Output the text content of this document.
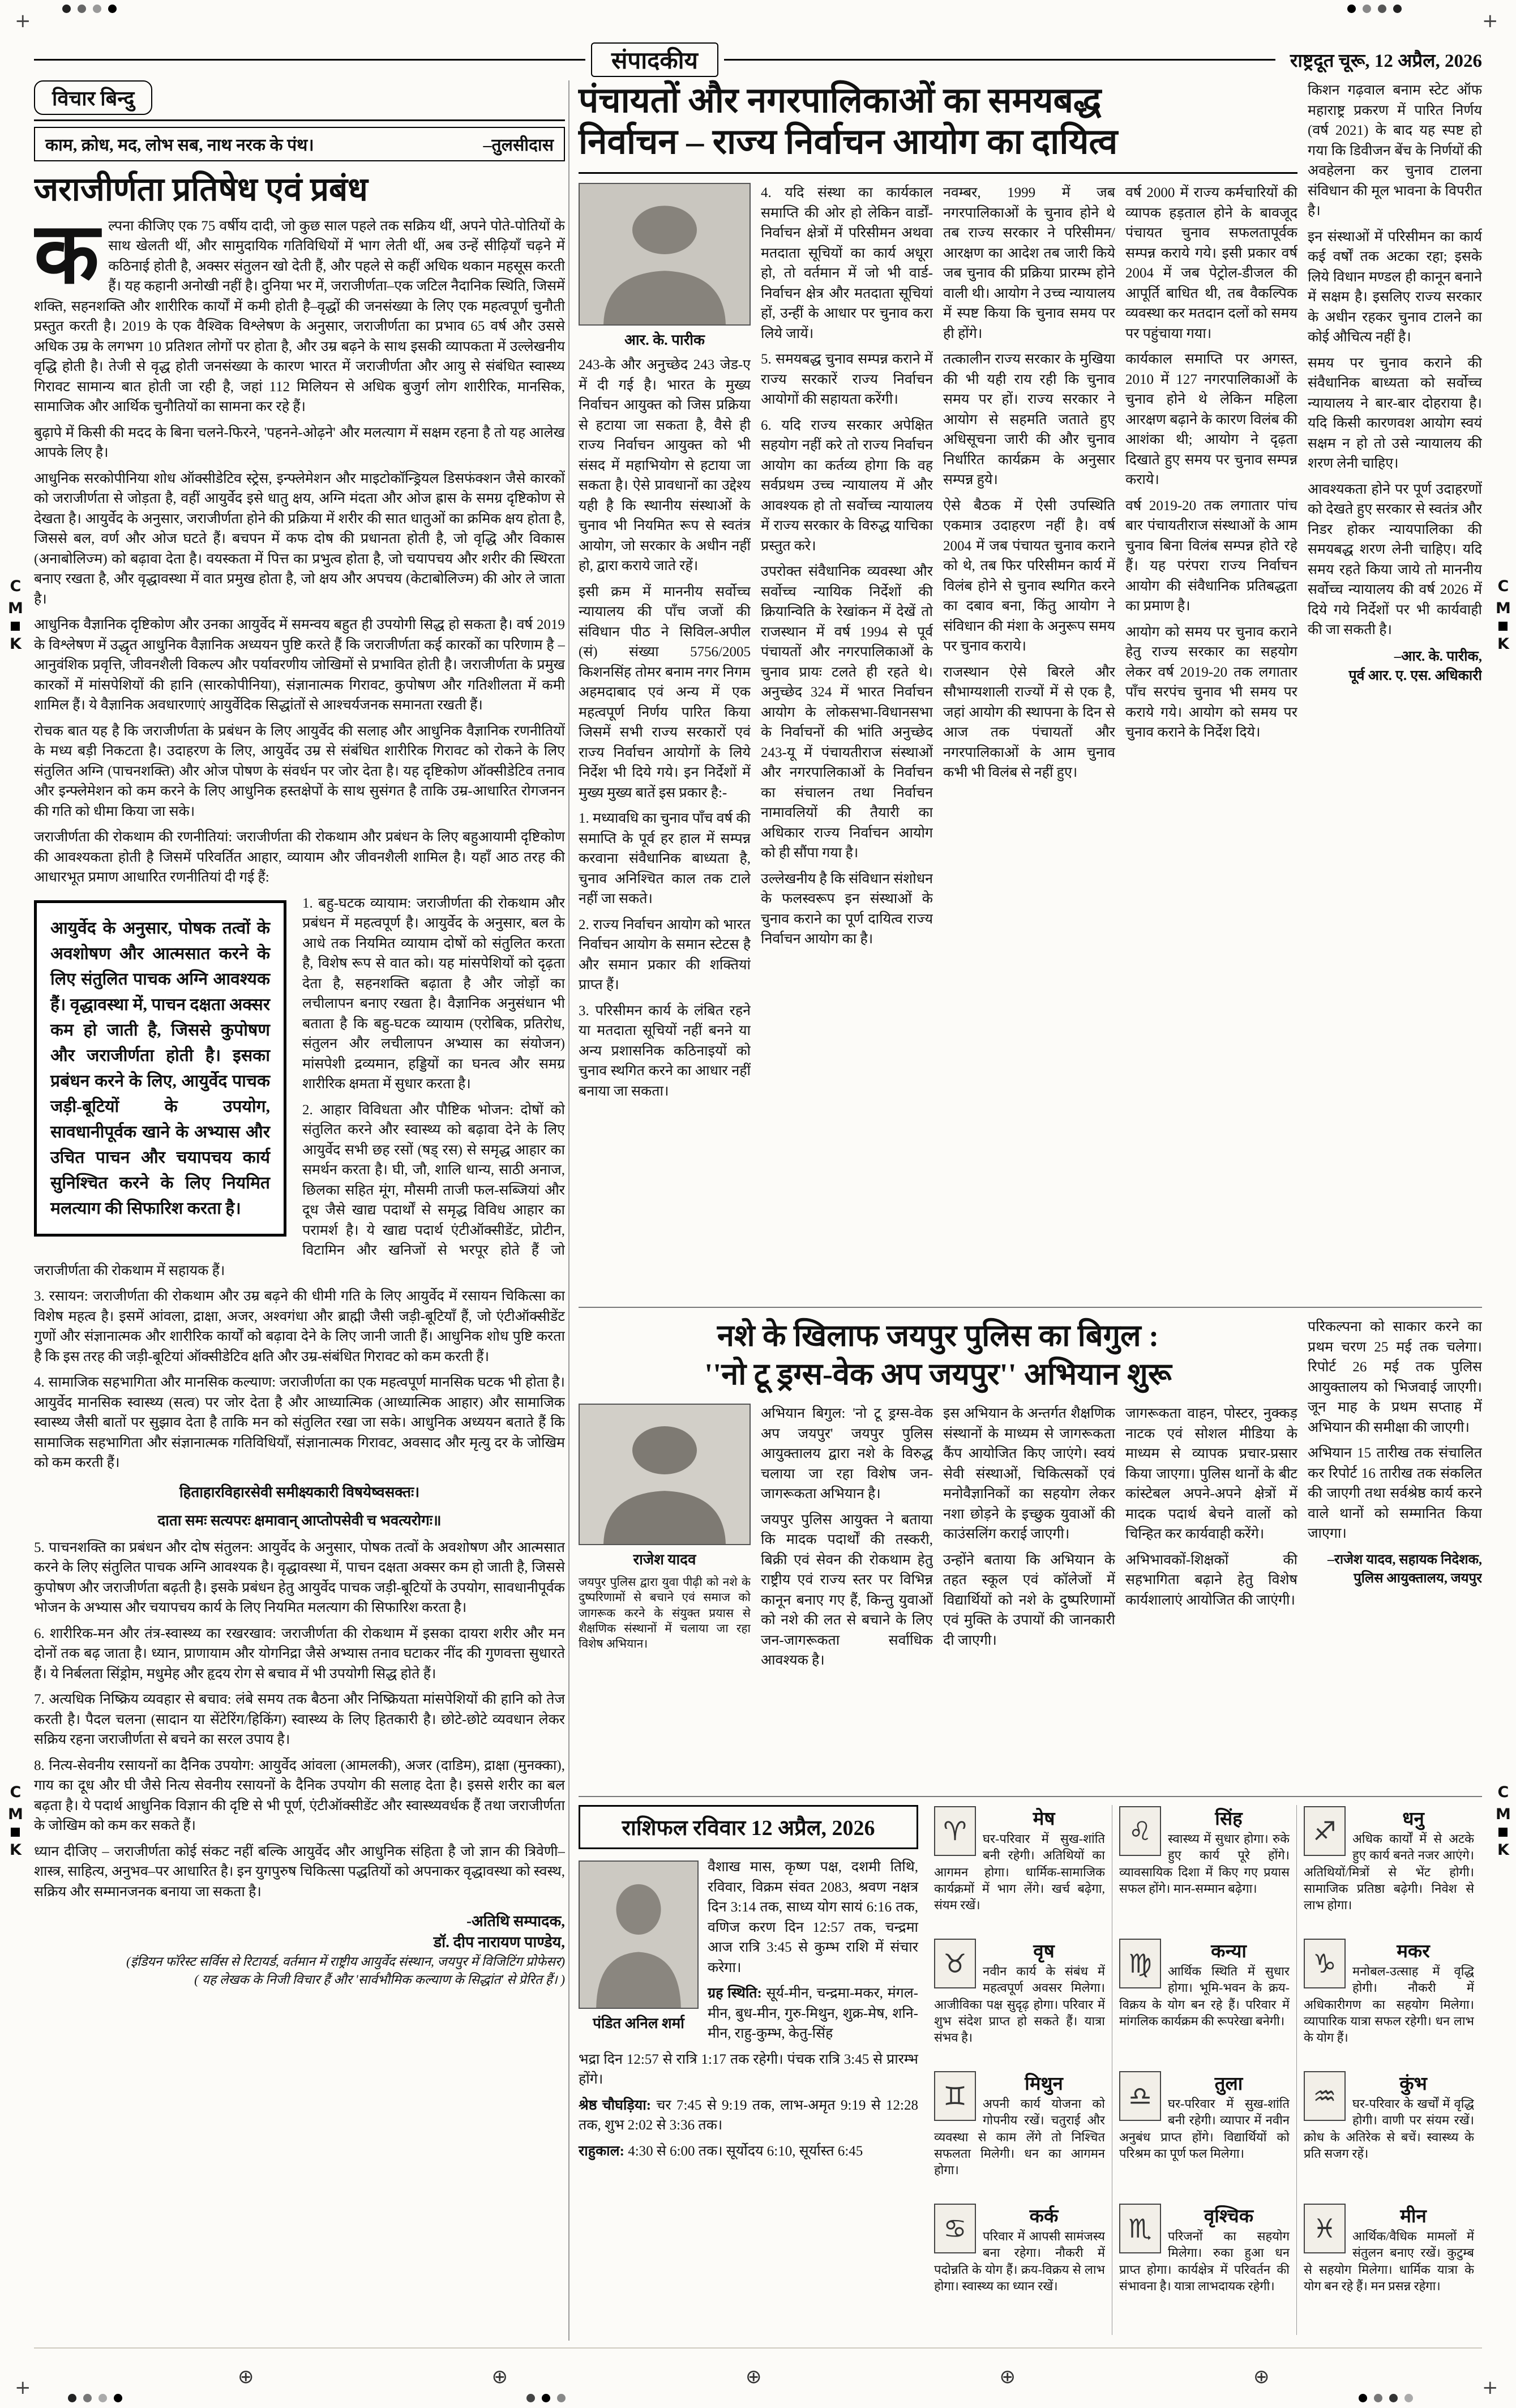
+	+
+	+
⊕	⊕	⊕	⊕	⊕
C
M
K
C
M
K
C
M
K
C
M
K
संपादकीय	राष्ट्रदूत चूरू, 12 अप्रैल, 2026
विचार बिन्दु
काम, क्रोध, मद, लोभ सब, नाथ नरक के पंथ।	–तुलसीदास
जराजीर्णता प्रतिषेध एवं प्रबंध

कल्पना कीजिए एक 75 वर्षीय दादी, जो कुछ साल पहले तक सक्रिय थीं, अपने पोते-पोतियों के साथ खेलती थीं, और सामुदायिक गतिविधियों में भाग लेती थीं, अब उन्हें सीढ़ियाँ चढ़ने में कठिनाई होती है, अक्सर संतुलन खो देती हैं, और पहले से कहीं अधिक थकान महसूस करती हैं। यह कहानी अनोखी नहीं है। दुनिया भर में, जराजीर्णता–एक जटिल नैदानिक स्थिति, जिसमें शक्ति, सहनशक्ति और शारीरिक कार्यों में कमी होती है–वृद्धों की जनसंख्या के लिए एक महत्वपूर्ण चुनौती प्रस्तुत करती है। 2019 के एक वैश्विक विश्लेषण के अनुसार, जराजीर्णता का प्रभाव 65 वर्ष और उससे अधिक उम्र के लगभग 10 प्रतिशत लोगों पर होता है, और उम्र बढ़ने के साथ इसकी व्यापकता में उल्लेखनीय वृद्धि होती है। तेजी से वृद्ध होती जनसंख्या के कारण भारत में जराजीर्णता और आयु से संबंधित स्वास्थ्य गिरावट सामान्य बात होती जा रही है, जहां 112 मिलियन से अधिक बुजुर्ग लोग शारीरिक, मानसिक, सामाजिक और आर्थिक चुनौतियों का सामना कर रहे हैं।

बुढ़ापे में किसी की मदद के बिना चलने-फिरने, 'पहनने-ओढ़ने' और मलत्याग में सक्षम रहना है तो यह आलेख आपके लिए है।

आधुनिक सरकोपीनिया शोध ऑक्सीडेटिव स्ट्रेस, इन्फ्लेमेशन और माइटोकॉन्ड्रियल डिसफंक्शन जैसे कारकों को जराजीर्णता से जोड़ता है, वहीं आयुर्वेद इसे धातु क्षय, अग्नि मंदता और ओज ह्रास के समग्र दृष्टिकोण से देखता है। आयुर्वेद के अनुसार, जराजीर्णता होने की प्रक्रिया में शरीर की सात धातुओं का क्रमिक क्षय होता है, जिससे बल, वर्ण और ओज घटते हैं। बचपन में कफ दोष की प्रधानता होती है, जो वृद्धि और विकास (अनाबोलिज्म) को बढ़ावा देता है। वयस्कता में पित्त का प्रभुत्व होता है, जो चयापचय और शरीर की स्थिरता बनाए रखता है, और वृद्धावस्था में वात प्रमुख होता है, जो क्षय और अपचय (केटाबोलिज्म) की ओर ले जाता है।

आधुनिक वैज्ञानिक दृष्टिकोण और उनका आयुर्वेद में समन्वय बहुत ही उपयोगी सिद्ध हो सकता है। वर्ष 2019 के विश्लेषण में उद्धृत आधुनिक वैज्ञानिक अध्ययन पुष्टि करते हैं कि जराजीर्णता कई कारकों का परिणाम है – आनुवंशिक प्रवृत्ति, जीवनशैली विकल्प और पर्यावरणीय जोखिमों से प्रभावित होती है। जराजीर्णता के प्रमुख कारकों में मांसपेशियों की हानि (सारकोपीनिया), संज्ञानात्मक गिरावट, कुपोषण और गतिशीलता में कमी शामिल हैं। ये वैज्ञानिक अवधारणाएं आयुर्वेदिक सिद्धांतों से आश्चर्यजनक समानता रखती हैं।

रोचक बात यह है कि जराजीर्णता के प्रबंधन के लिए आयुर्वेद की सलाह और आधुनिक वैज्ञानिक रणनीतियों के मध्य बड़ी निकटता है। उदाहरण के लिए, आयुर्वेद उम्र से संबंधित शारीरिक गिरावट को रोकने के लिए संतुलित अग्नि (पाचनशक्ति) और ओज पोषण के संवर्धन पर जोर देता है। यह दृष्टिकोण ऑक्सीडेटिव तनाव और इन्फ्लेमेशन को कम करने के लिए आधुनिक हस्तक्षेपों के साथ सुसंगत है ताकि उम्र-आधारित रोगजनन की गति को धीमा किया जा सके।

जराजीर्णता की रोकथाम की रणनीतियां: जराजीर्णता की रोकथाम और प्रबंधन के लिए बहुआयामी दृष्टिकोण की आवश्यकता होती है जिसमें परिवर्तित आहार, व्यायाम और जीवनशैली शामिल है। यहाँ आठ तरह की आधारभूत प्रमाण आधारित रणनीतियां दी गई हैं:

आयुर्वेद के अनुसार, पोषक तत्वों के अवशोषण और आत्मसात करने के लिए संतुलित पाचक अग्नि आवश्यक हैं। वृद्धावस्था में, पाचन दक्षता अक्सर कम हो जाती है, जिससे कुपोषण और जराजीर्णता होती है। इसका प्रबंधन करने के लिए, आयुर्वेद पाचक जड़ी-बूटियों के उपयोग, सावधानीपूर्वक खाने के अभ्यास और उचित पाचन और चयापचय कार्य सुनिश्चित करने के लिए नियमित मलत्याग की सिफारिश करता है।

1. बहु-घटक व्यायाम: जराजीर्णता की रोकथाम और प्रबंधन में महत्वपूर्ण है। आयुर्वेद के अनुसार, बल के आधे तक नियमित व्यायाम दोषों को संतुलित करता है, विशेष रूप से वात को। यह मांसपेशियों को दृढ़ता देता है, सहनशक्ति बढ़ाता है और जोड़ों का लचीलापन बनाए रखता है। वैज्ञानिक अनुसंधान भी बताता है कि बहु-घटक व्यायाम (एरोबिक, प्रतिरोध, संतुलन और लचीलापन अभ्यास का संयोजन) मांसपेशी द्रव्यमान, हड्डियों का घनत्व और समग्र शारीरिक क्षमता में सुधार करता है।

2. आहार विविधता और पौष्टिक भोजन: दोषों को संतुलित करने और स्वास्थ्य को बढ़ावा देने के लिए आयुर्वेद सभी छह रसों (षड् रस) से समृद्ध आहार का समर्थन करता है। घी, जौ, शालि धान्य, साठी अनाज, छिलका सहित मूंग, मौसमी ताजी फल-सब्जियां और दूध जैसे खाद्य पदार्थों से समृद्ध विविध आहार का परामर्श है। ये खाद्य पदार्थ एंटीऑक्सीडेंट, प्रोटीन, विटामिन और खनिजों से भरपूर होते हैं जो जराजीर्णता की रोकथाम में सहायक हैं।

3. रसायन: जराजीर्णता की रोकथाम और उम्र बढ़ने की धीमी गति के लिए आयुर्वेद में रसायन चिकित्सा का विशेष महत्व है। इसमें आंवला, द्राक्षा, अजर, अश्वगंधा और ब्राह्मी जैसी जड़ी-बूटियाँ हैं, जो एंटीऑक्सीडेंट गुणों और संज्ञानात्मक और शारीरिक कार्यों को बढ़ावा देने के लिए जानी जाती हैं। आधुनिक शोध पुष्टि करता है कि इस तरह की जड़ी-बूटियां ऑक्सीडेटिव क्षति और उम्र-संबंधित गिरावट को कम करती हैं।

4. सामाजिक सहभागिता और मानसिक कल्याण: जराजीर्णता का एक महत्वपूर्ण मानसिक घटक भी होता है। आयुर्वेद मानसिक स्वास्थ्य (सत्व) पर जोर देता है और आध्यात्मिक (आध्यात्मिक आहार) और सामाजिक स्वास्थ्य जैसी बातों पर सुझाव देता है ताकि मन को संतुलित रखा जा सके। आधुनिक अध्ययन बताते हैं कि सामाजिक सहभागिता और संज्ञानात्मक गतिविधियाँ, संज्ञानात्मक गिरावट, अवसाद और मृत्यु दर के जोखिम को कम करती हैं।

हिताहारविहारसेवी समीक्ष्यकारी विषयेष्वसक्तः।

दाता समः सत्यपरः क्षमावान् आप्तोपसेवी च भवत्यरोगः॥

5. पाचनशक्ति का प्रबंधन और दोष संतुलन: आयुर्वेद के अनुसार, पोषक तत्वों के अवशोषण और आत्मसात करने के लिए संतुलित पाचक अग्नि आवश्यक है। वृद्धावस्था में, पाचन दक्षता अक्सर कम हो जाती है, जिससे कुपोषण और जराजीर्णता बढ़ती है। इसके प्रबंधन हेतु आयुर्वेद पाचक जड़ी-बूटियों के उपयोग, सावधानीपूर्वक भोजन के अभ्यास और चयापचय कार्य के लिए नियमित मलत्याग की सिफारिश करता है।

6. शारीरिक-मन और तंत्र-स्वास्थ्य का रखरखाव: जराजीर्णता की रोकथाम में इसका दायरा शरीर और मन दोनों तक बढ़ जाता है। ध्यान, प्राणायाम और योगनिद्रा जैसे अभ्यास तनाव घटाकर नींद की गुणवत्ता सुधारते हैं। ये निर्बलता सिंड्रोम, मधुमेह और हृदय रोग से बचाव में भी उपयोगी सिद्ध होते हैं।

7. अत्यधिक निष्क्रिय व्यवहार से बचाव: लंबे समय तक बैठना और निष्क्रियता मांसपेशियों की हानि को तेज करती है। पैदल चलना (सादान या सेंटेरिंग/हिकिंग) स्वास्थ्य के लिए हितकारी है। छोटे-छोटे व्यवधान लेकर सक्रिय रहना जराजीर्णता से बचने का सरल उपाय है।

8. नित्य-सेवनीय रसायनों का दैनिक उपयोग: आयुर्वेद आंवला (आमलकी), अजर (दाडिम), द्राक्षा (मुनक्का), गाय का दूध और घी जैसे नित्य सेवनीय रसायनों के दैनिक उपयोग की सलाह देता है। इससे शरीर का बल बढ़ता है। ये पदार्थ आधुनिक विज्ञान की दृष्टि से भी पूर्ण, एंटीऑक्सीडेंट और स्वास्थ्यवर्धक हैं तथा जराजीर्णता के जोखिम को कम कर सकते हैं।

ध्यान दीजिए – जराजीर्णता कोई संकट नहीं बल्कि आयुर्वेद और आधुनिक संहिता है जो ज्ञान की त्रिवेणी–शास्त्र, साहित्य, अनुभव–पर आधारित है। इन युगपुरुष चिकित्सा पद्धतियों को अपनाकर वृद्धावस्था को स्वस्थ, सक्रिय और सम्मानजनक बनाया जा सकता है।

-अतिथि सम्पादक,
डॉ. दीप नारायण पाण्डेय,
(इंडियन फॉरेस्ट सर्विस से रिटायर्ड, वर्तमान में राष्ट्रीय आयुर्वेद संस्थान, जयपुर में विजिटिंग प्रोफेसर)
( यह लेखक के निजी विचार हैं और 'सार्वभौमिक कल्याण के सिद्धांत' से प्रेरित हैं। )
पंचायतों और नगरपालिकाओं का समयबद्ध
निर्वाचन – राज्य निर्वाचन आयोग का दायित्व
आर. के. पारीक

243-के और अनुच्छेद 243 जेड-ए में दी गई है। भारत के मुख्य निर्वाचन आयुक्त को जिस प्रक्रिया से हटाया जा सकता है, वैसे ही राज्य निर्वाचन आयुक्त को भी संसद में महाभियोग से हटाया जा सकता है। ऐसे प्रावधानों का उद्देश्य यही है कि स्थानीय संस्थाओं के चुनाव भी नियमित रूप से स्वतंत्र आयोग, जो सरकार के अधीन नहीं हो, द्वारा कराये जाते रहें।

इसी क्रम में माननीय सर्वोच्च न्यायालय की पाँच जजों की संविधान पीठ ने सिविल-अपील (सं) संख्या 5756/2005 किशनसिंह तोमर बनाम नगर निगम अहमदाबाद एवं अन्य में एक महत्वपूर्ण निर्णय पारित किया जिसमें सभी राज्य सरकारों एवं राज्य निर्वाचन आयोगों के लिये निर्देश भी दिये गये। इन निर्देशों में मुख्य मुख्य बातें इस प्रकार है:-

1. मध्यावधि का चुनाव पाँच वर्ष की समाप्ति के पूर्व हर हाल में सम्पन्न करवाना संवैधानिक बाध्यता है, चुनाव अनिश्चित काल तक टाले नहीं जा सकते।

2. राज्य निर्वाचन आयोग को भारत निर्वाचन आयोग के समान स्टेटस है और समान प्रकार की शक्तियां प्राप्त हैं।

3. परिसीमन कार्य के लंबित रहने या मतदाता सूचियों नहीं बनने या अन्य प्रशासनिक कठिनाइयों को चुनाव स्थगित करने का आधार नहीं बनाया जा सकता।

4. यदि संस्था का कार्यकाल समाप्ति की ओर हो लेकिन वार्डों-निर्वाचन क्षेत्रों में परिसीमन अथवा मतदाता सूचियों का कार्य अधूरा हो, तो वर्तमान में जो भी वार्ड-निर्वाचन क्षेत्र और मतदाता सूचियां हों, उन्हीं के आधार पर चुनाव करा लिये जायें।

5. समयबद्ध चुनाव सम्पन्न कराने में राज्य सरकारें राज्य निर्वाचन आयोगों की सहायता करेंगी।

6. यदि राज्य सरकार अपेक्षित सहयोग नहीं करे तो राज्य निर्वाचन आयोग का कर्तव्य होगा कि वह सर्वप्रथम उच्च न्यायालय में और आवश्यक हो तो सर्वोच्च न्यायालय में राज्य सरकार के विरुद्ध याचिका प्रस्तुत करे।

उपरोक्त संवैधानिक व्यवस्था और सर्वोच्च न्यायिक निर्देशों की क्रियान्विति के रेखांकन में देखें तो राजस्थान में वर्ष 1994 से पूर्व पंचायतों और नगरपालिकाओं के चुनाव प्रायः टलते ही रहते थे। अनुच्छेद 324 में भारत निर्वाचन आयोग के लोकसभा-विधानसभा के निर्वाचनों की भांति अनुच्छेद 243-यू में पंचायतीराज संस्थाओं और नगरपालिकाओं के निर्वाचन का संचालन तथा निर्वाचन नामावलियों की तैयारी का अधिकार राज्य निर्वाचन आयोग को ही सौंपा गया है।

उल्लेखनीय है कि संविधान संशोधन के फलस्वरूप इन संस्थाओं के चुनाव कराने का पूर्ण दायित्व राज्य निर्वाचन आयोग का है।

नवम्बर, 1999 में जब नगरपालिकाओं के चुनाव होने थे तब राज्य सरकार ने परिसीमन/आरक्षण का आदेश तब जारी किये जब चुनाव की प्रक्रिया प्रारम्भ होने वाली थी। आयोग ने उच्च न्यायालय में स्पष्ट किया कि चुनाव समय पर ही होंगे।

तत्कालीन राज्य सरकार के मुखिया की भी यही राय रही कि चुनाव समय पर हों। राज्य सरकार ने आयोग से सहमति जताते हुए अधिसूचना जारी की और चुनाव निर्धारित कार्यक्रम के अनुसार सम्पन्न हुये।

ऐसे बैठक में ऐसी उपस्थिति एकमात्र उदाहरण नहीं है। वर्ष 2004 में जब पंचायत चुनाव कराने को थे, तब फिर परिसीमन कार्य में विलंब होने से चुनाव स्थगित करने का दबाव बना, किंतु आयोग ने संविधान की मंशा के अनुरूप समय पर चुनाव कराये।

राजस्थान ऐसे बिरले और सौभाग्यशाली राज्यों में से एक है, जहां आयोग की स्थापना के दिन से आज तक पंचायतों और नगरपालिकाओं के आम चुनाव कभी भी विलंब से नहीं हुए।

वर्ष 2000 में राज्य कर्मचारियों की व्यापक हड़ताल होने के बावजूद पंचायत चुनाव सफलतापूर्वक सम्पन्न कराये गये। इसी प्रकार वर्ष 2004 में जब पेट्रोल-डीजल की आपूर्ति बाधित थी, तब वैकल्पिक व्यवस्था कर मतदान दलों को समय पर पहुंचाया गया।

कार्यकाल समाप्ति पर अगस्त, 2010 में 127 नगरपालिकाओं के चुनाव होने थे लेकिन महिला आरक्षण बढ़ाने के कारण विलंब की आशंका थी; आयोग ने दृढ़ता दिखाते हुए समय पर चुनाव सम्पन्न कराये।

वर्ष 2019-20 तक लगातार पांच बार पंचायतीराज संस्थाओं के आम चुनाव बिना विलंब सम्पन्न होते रहे हैं। यह परंपरा राज्य निर्वाचन आयोग की संवैधानिक प्रतिबद्धता का प्रमाण है।

आयोग को समय पर चुनाव कराने हेतु राज्य सरकार का सहयोग लेकर वर्ष 2019-20 तक लगातार पाँच सरपंच चुनाव भी समय पर कराये गये। आयोग को समय पर चुनाव कराने के निर्देश दिये।

किशन गढ़वाल बनाम स्टेट ऑफ महाराष्ट्र प्रकरण में पारित निर्णय (वर्ष 2021) के बाद यह स्पष्ट हो गया कि डिवीजन बेंच के निर्णयों की अवहेलना कर चुनाव टालना संविधान की मूल भावना के विपरीत है।

इन संस्थाओं में परिसीमन का कार्य कई वर्षों तक अटका रहा; इसके लिये विधान मण्डल ही कानून बनाने में सक्षम है। इसलिए राज्य सरकार के अधीन रहकर चुनाव टालने का कोई औचित्य नहीं है।

समय पर चुनाव कराने की संवैधानिक बाध्यता को सर्वोच्च न्यायालय ने बार-बार दोहराया है। यदि किसी कारणवश आयोग स्वयं सक्षम न हो तो उसे न्यायालय की शरण लेनी चाहिए।

आवश्यकता होने पर पूर्ण उदाहरणों को देखते हुए सरकार से स्वतंत्र और निडर होकर न्यायपालिका की समयबद्ध शरण लेनी चाहिए। यदि समय रहते किया जाये तो माननीय सर्वोच्च न्यायालय की वर्ष 2026 में दिये गये निर्देशों पर भी कार्यवाही की जा सकती है।

–आर. के. पारीक,
पूर्व आर. ए. एस. अधिकारी
नशे के खिलाफ जयपुर पुलिस का बिगुल :
''नो टू ड्रग्स-वेक अप जयपुर'' अभियान शुरू
राजेश यादव

जयपुर पुलिस द्वारा युवा पीढ़ी को नशे के दुष्परिणामों से बचाने एवं समाज को जागरूक करने के संयुक्त प्रयास से शैक्षणिक संस्थानों में चलाया जा रहा विशेष अभियान।

अभियान बिगुल: 'नो टू ड्रग्स-वेक अप जयपुर' जयपुर पुलिस आयुक्तालय द्वारा नशे के विरुद्ध चलाया जा रहा विशेष जन-जागरूकता अभियान है।

जयपुर पुलिस आयुक्त ने बताया कि मादक पदार्थों की तस्करी, बिक्री एवं सेवन की रोकथाम हेतु राष्ट्रीय एवं राज्य स्तर पर विभिन्न कानून बनाए गए हैं, किन्तु युवाओं को नशे की लत से बचाने के लिए जन-जागरूकता सर्वाधिक आवश्यक है।

इस अभियान के अन्तर्गत शैक्षणिक संस्थानों के माध्यम से जागरूकता कैंप आयोजित किए जाएंगे। स्वयं सेवी संस्थाओं, चिकित्सकों एवं मनोवैज्ञानिकों का सहयोग लेकर नशा छोड़ने के इच्छुक युवाओं की काउंसलिंग कराई जाएगी।

उन्होंने बताया कि अभियान के तहत स्कूल एवं कॉलेजों में विद्यार्थियों को नशे के दुष्परिणामों एवं मुक्ति के उपायों की जानकारी दी जाएगी।

जागरूकता वाहन, पोस्टर, नुक्कड़ नाटक एवं सोशल मीडिया के माध्यम से व्यापक प्रचार-प्रसार किया जाएगा। पुलिस थानों के बीट कांस्टेबल अपने-अपने क्षेत्रों में मादक पदार्थ बेचने वालों को चिन्हित कर कार्यवाही करेंगे।

अभिभावकों-शिक्षकों की सहभागिता बढ़ाने हेतु विशेष कार्यशालाएं आयोजित की जाएंगी।

परिकल्पना को साकार करने का प्रथम चरण 25 मई तक चलेगा। रिपोर्ट 26 मई तक पुलिस आयुक्तालय को भिजवाई जाएगी। जून माह के प्रथम सप्ताह में अभियान की समीक्षा की जाएगी।

अभियान 15 तारीख तक संचालित कर रिपोर्ट 16 तारीख तक संकलित की जाएगी तथा सर्वश्रेष्ठ कार्य करने वाले थानों को सम्मानित किया जाएगा।

–राजेश यादव, सहायक निदेशक, पुलिस आयुक्तालय, जयपुर
राशिफल रविवार 12 अप्रैल, 2026
पंडित अनिल शर्मा

वैशाख मास, कृष्ण पक्ष, दशमी तिथि, रविवार, विक्रम संवत 2083, श्रवण नक्षत्र दिन 3:14 तक, साध्य योग सायं 6:16 तक, वणिज करण दिन 12:57 तक, चन्द्रमा आज रात्रि 3:45 से कुम्भ राशि में संचार करेगा।

ग्रह स्थिति: सूर्य-मीन, चन्द्रमा-मकर, मंगल-मीन, बुध-मीन, गुरु-मिथुन, शुक्र-मेष, शनि-मीन, राहु-कुम्भ, केतु-सिंह

भद्रा दिन 12:57 से रात्रि 1:17 तक रहेगी। पंचक रात्रि 3:45 से प्रारम्भ होंगे।

श्रेष्ठ चौघड़िया: चर 7:45 से 9:19 तक, लाभ-अमृत 9:19 से 12:28 तक, शुभ 2:02 से 3:36 तक।

राहुकाल: 4:30 से 6:00 तक। सूर्योदय 6:10, सूर्यास्त 6:45

♈	मेष
घर-परिवार में सुख-शांति बनी रहेगी। अतिथियों का आगमन होगा। धार्मिक-सामाजिक कार्यक्रमों में भाग लेंगे। खर्च बढ़ेगा, संयम रखें।
♉	वृष
नवीन कार्य के संबंध में महत्वपूर्ण अवसर मिलेगा। आजीविका पक्ष सुदृढ़ होगा। परिवार में शुभ संदेश प्राप्त हो सकते हैं। यात्रा संभव है।
♊	मिथुन
अपनी कार्य योजना को गोपनीय रखें। चतुराई और व्यवस्था से काम लेंगे तो निश्चित सफलता मिलेगी। धन का आगमन होगा।
♋	कर्क
परिवार में आपसी सामंजस्य बना रहेगा। नौकरी में पदोन्नति के योग हैं। क्रय-विक्रय से लाभ होगा। स्वास्थ्य का ध्यान रखें।
♌	सिंह
स्वास्थ्य में सुधार होगा। रुके हुए कार्य पूरे होंगे। व्यावसायिक दिशा में किए गए प्रयास सफल होंगे। मान-सम्मान बढ़ेगा।
♍	कन्या
आर्थिक स्थिति में सुधार होगा। भूमि-भवन के क्रय-विक्रय के योग बन रहे हैं। परिवार में मांगलिक कार्यक्रम की रूपरेखा बनेगी।
♎	तुला
घर-परिवार में सुख-शांति बनी रहेगी। व्यापार में नवीन अनुबंध प्राप्त होंगे। विद्यार्थियों को परिश्रम का पूर्ण फल मिलेगा।
♏	वृश्चिक
परिजनों का सहयोग मिलेगा। रुका हुआ धन प्राप्त होगा। कार्यक्षेत्र में परिवर्तन की संभावना है। यात्रा लाभदायक रहेगी।
♐	धनु
अधिक कार्यों में से अटके हुए कार्य बनते नजर आएंगे। अतिथियों/मित्रों से भेंट होगी। सामाजिक प्रतिष्ठा बढ़ेगी। निवेश से लाभ होगा।
♑	मकर
मनोबल-उत्साह में वृद्धि होगी। नौकरी में अधिकारीगण का सहयोग मिलेगा। व्यापारिक यात्रा सफल रहेगी। धन लाभ के योग हैं।
♒	कुंभ
घर-परिवार के खर्चों में वृद्धि होगी। वाणी पर संयम रखें। क्रोध के अतिरेक से बचें। स्वास्थ्य के प्रति सजग रहें।
♓	मीन
आर्थिक/वैधिक मामलों में संतुलन बनाए रखें। कुटुम्ब से सहयोग मिलेगा। धार्मिक यात्रा के योग बन रहे हैं। मन प्रसन्न रहेगा।
